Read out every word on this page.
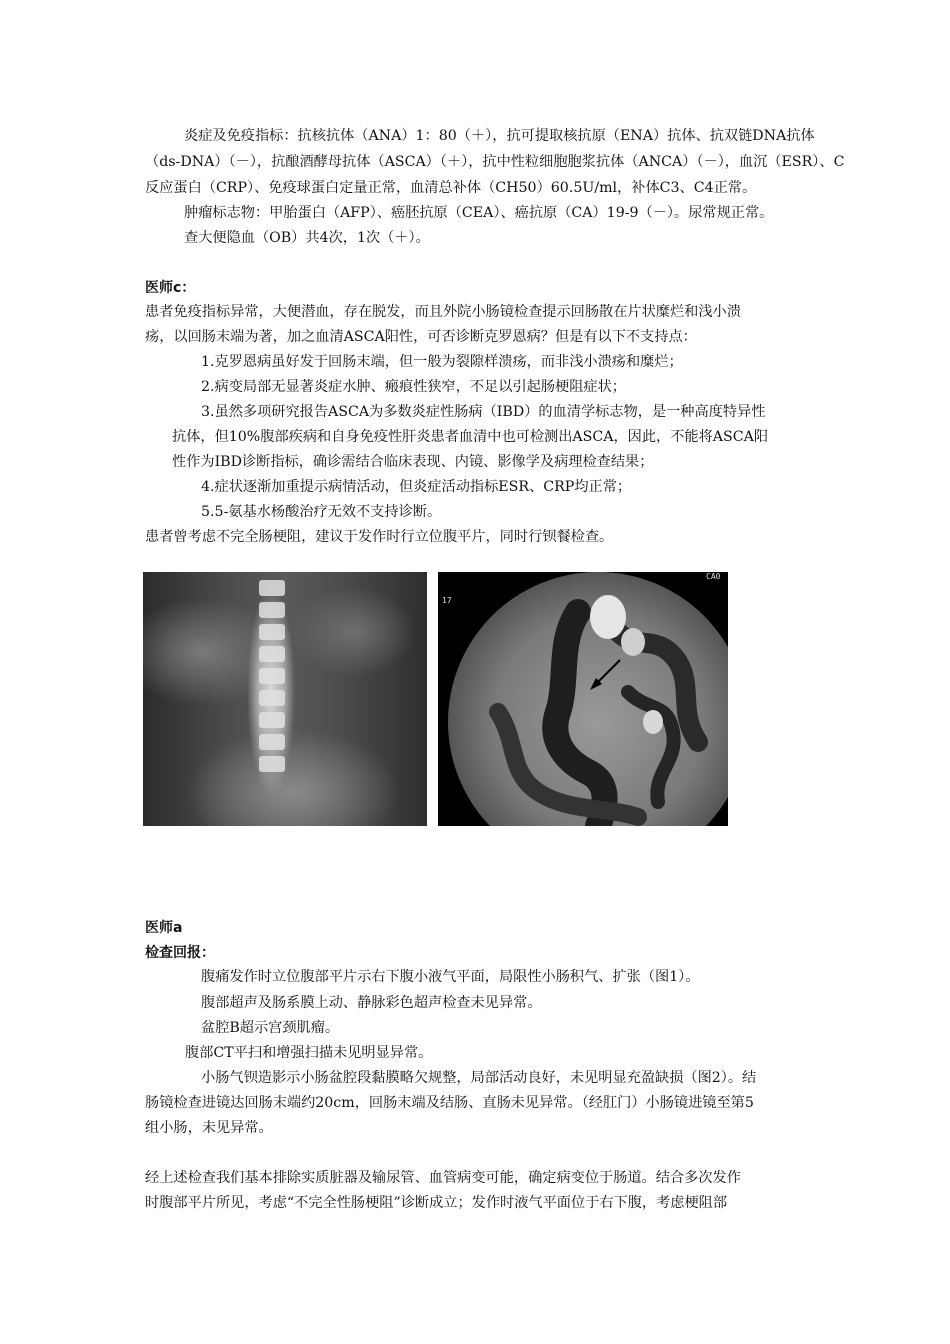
炎症及免疫指标：抗核抗体（ANA）1：80（＋），抗可提取核抗原（ENA）抗体、抗双链DNA抗体
（ds-DNA）（－），抗酿酒酵母抗体（ASCA）（＋），抗中性粒细胞胞浆抗体（ANCA）（－），血沉（ESR）、C
反应蛋白（CRP）、免疫球蛋白定量正常，血清总补体（CH50）60.5U/ml，补体C3、C4正常。
肿瘤标志物：甲胎蛋白（AFP）、癌胚抗原（CEA）、癌抗原（CA）19-9（－）。尿常规正常。
查大便隐血（OB）共4次，1次（＋）。
医师c：
患者免疫指标异常，大便潜血，存在脱发，而且外院小肠镜检查提示回肠散在片状糜烂和浅小溃
疡，以回肠末端为著，加之血清ASCA阳性，可否诊断克罗恩病？但是有以下不支持点：
1.克罗恩病虽好发于回肠末端，但一般为裂隙样溃疡，而非浅小溃疡和糜烂；
2.病变局部无显著炎症水肿、瘢痕性狭窄，不足以引起肠梗阻症状；
3.虽然多项研究报告ASCA为多数炎症性肠病（IBD）的血清学标志物，是一种高度特异性
抗体，但10%腹部疾病和自身免疫性肝炎患者血清中也可检测出ASCA，因此，不能将ASCA阳
性作为IBD诊断指标，确诊需结合临床表现、内镜、影像学及病理检查结果；
4.症状逐渐加重提示病情活动，但炎症活动指标ESR、CRP均正常；
5.5-氨基水杨酸治疗无效不支持诊断。
患者曾考虑不完全肠梗阻，建议于发作时行立位腹平片，同时行钡餐检查。
17
CA0
医师a
检查回报：
腹痛发作时立位腹部平片示右下腹小液气平面，局限性小肠积气、扩张（图1）。
腹部超声及肠系膜上动、静脉彩色超声检查未见异常。
盆腔B超示宫颈肌瘤。
腹部CT平扫和增强扫描未见明显异常。
小肠气钡造影示小肠盆腔段黏膜略欠规整，局部活动良好，未见明显充盈缺损（图2）。结
肠镜检查进镜达回肠末端约20cm，回肠末端及结肠、直肠未见异常。（经肛门）小肠镜进镜至第5
组小肠，未见异常。
经上述检查我们基本排除实质脏器及输尿管、血管病变可能，确定病变位于肠道。结合多次发作
时腹部平片所见，考虑“不完全性肠梗阻”诊断成立；发作时液气平面位于右下腹，考虑梗阻部
